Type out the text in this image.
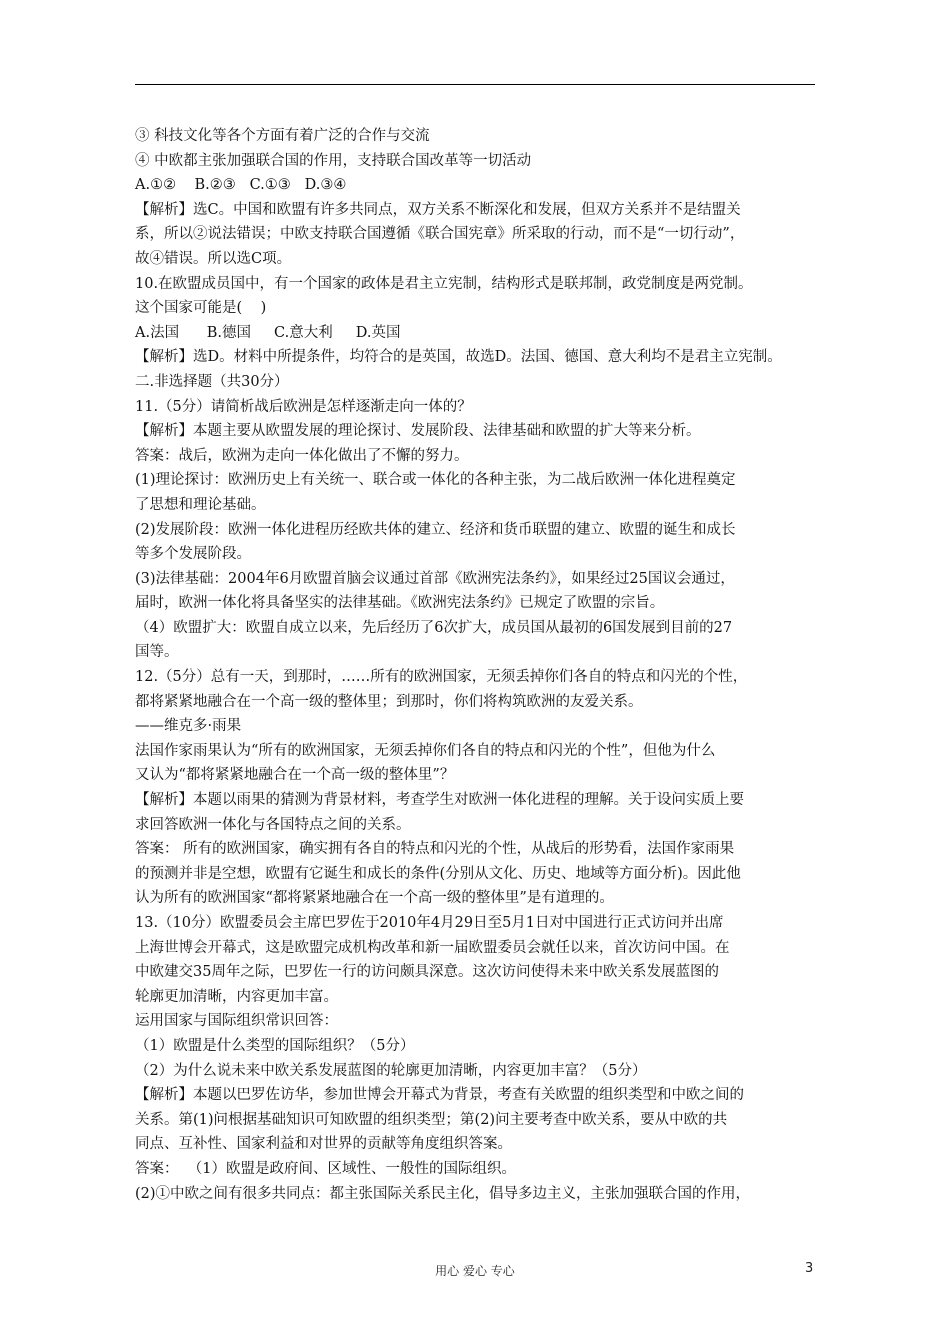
③ 科技文化等各个方面有着广泛的合作与交流
④ 中欧都主张加强联合国的作用，支持联合国改革等一切活动
A.①②    B.②③   C.①③   D.③④
【解析】选C。中国和欧盟有许多共同点，双方关系不断深化和发展，但双方关系并不是结盟关
系，所以②说法错误；中欧支持联合国遵循《联合国宪章》所采取的行动，而不是“一切行动”，
故④错误。所以选C项。
10.在欧盟成员国中，有一个国家的政体是君主立宪制，结构形式是联邦制，政党制度是两党制。
这个国家可能是(    )
A.法国      B.德国     C.意大利     D.英国
【解析】选D。材料中所提条件，均符合的是英国，故选D。法国、德国、意大利均不是君主立宪制。
二.非选择题（共30分）
11.（5分）请简析战后欧洲是怎样逐渐走向一体的？
【解析】本题主要从欧盟发展的理论探讨、发展阶段、法律基础和欧盟的扩大等来分析。
答案：战后，欧洲为走向一体化做出了不懈的努力。
(1)理论探讨：欧洲历史上有关统一、联合或一体化的各种主张，为二战后欧洲一体化进程奠定
了思想和理论基础。
(2)发展阶段：欧洲一体化进程历经欧共体的建立、经济和货币联盟的建立、欧盟的诞生和成长
等多个发展阶段。
(3)法律基础：2004年6月欧盟首脑会议通过首部《欧洲宪法条约》，如果经过25国议会通过，
届时，欧洲一体化将具备坚实的法律基础。《欧洲宪法条约》已规定了欧盟的宗旨。
（4）欧盟扩大：欧盟自成立以来，先后经历了6次扩大，成员国从最初的6国发展到目前的27
国等。
12.（5分）总有一天，到那时，……所有的欧洲国家，无须丢掉你们各自的特点和闪光的个性，
都将紧紧地融合在一个高一级的整体里；到那时，你们将构筑欧洲的友爱关系。
——维克多·雨果
法国作家雨果认为“所有的欧洲国家，无须丢掉你们各自的特点和闪光的个性”，但他为什么
又认为“都将紧紧地融合在一个高一级的整体里”？
【解析】本题以雨果的猜测为背景材料，考查学生对欧洲一体化进程的理解。关于设问实质上要
求回答欧洲一体化与各国特点之间的关系。
答案： 所有的欧洲国家，确实拥有各自的特点和闪光的个性，从战后的形势看，法国作家雨果
的预测并非是空想，欧盟有它诞生和成长的条件(分别从文化、历史、地域等方面分析)。因此他
认为所有的欧洲国家“都将紧紧地融合在一个高一级的整体里”是有道理的。
13.（10分）欧盟委员会主席巴罗佐于2010年4月29日至5月1日对中国进行正式访问并出席
上海世博会开幕式，这是欧盟完成机构改革和新一届欧盟委员会就任以来，首次访问中国。在
中欧建交35周年之际，巴罗佐一行的访问颇具深意。这次访问使得未来中欧关系发展蓝图的
轮廓更加清晰，内容更加丰富。
运用国家与国际组织常识回答：
（1）欧盟是什么类型的国际组织？（5分）
（2）为什么说未来中欧关系发展蓝图的轮廓更加清晰，内容更加丰富？（5分）
【解析】本题以巴罗佐访华，参加世博会开幕式为背景，考查有关欧盟的组织类型和中欧之间的
关系。第(1)问根据基础知识可知欧盟的组织类型；第(2)问主要考查中欧关系，要从中欧的共
同点、互补性、国家利益和对世界的贡献等角度组织答案。
答案：  （1）欧盟是政府间、区域性、一般性的国际组织。
(2)①中欧之间有很多共同点：都主张国际关系民主化，倡导多边主义，主张加强联合国的作用，
用心 爱心 专心	3
